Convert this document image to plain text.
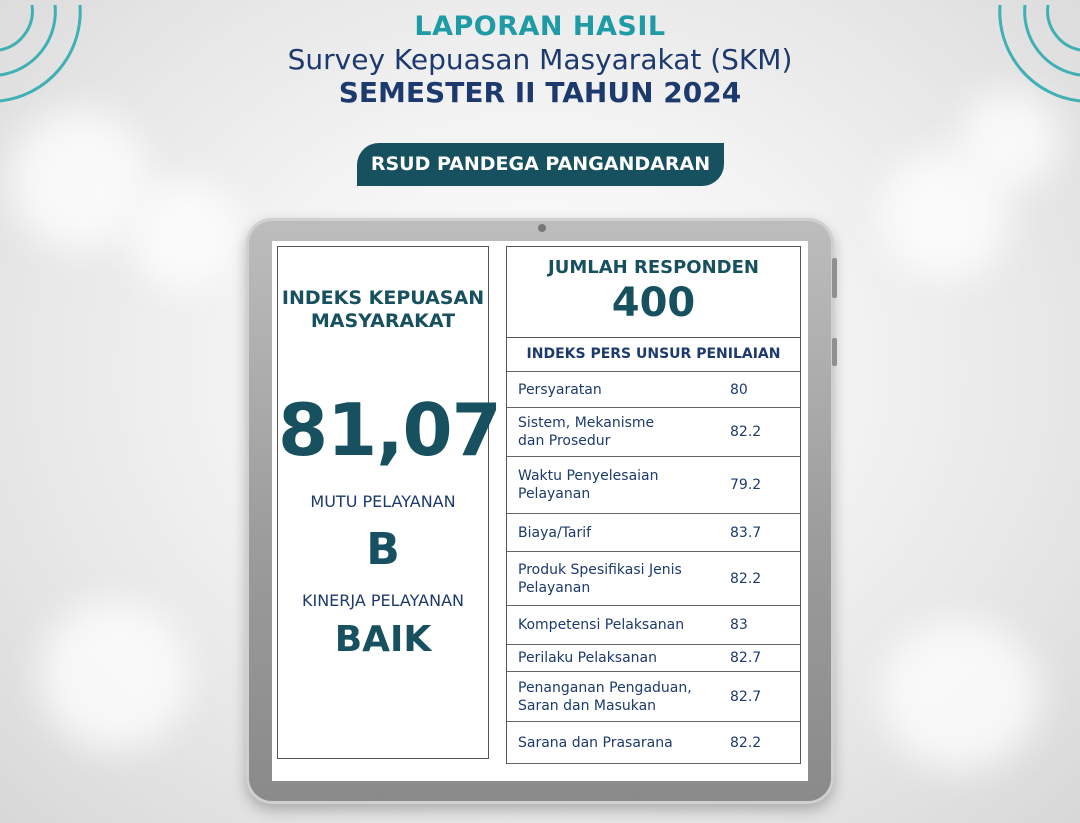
LAPORAN HASIL
Survey Kepuasan Masyarakat (SKM)
SEMESTER II TAHUN 2024
RSUD PANDEGA PANGANDARAN
INDEKS KEPUASAN
MASYARAKAT
81,07
MUTU PELAYANAN
B
KINERJA PELAYANAN
BAIK
JUMLAH RESPONDEN
400
INDEKS PERS UNSUR PENILAIAN
Persyaratan	80

Sistem, Mekanisme
dan Prosedur	82.2

Waktu Penyelesaian
Pelayanan	79.2

Biaya/Tarif	83.7

Produk Spesifikasi Jenis
Pelayanan	82.2

Kompetensi Pelaksanan	83

Perilaku Pelaksanan	82.7

Penanganan Pengaduan,
Saran dan Masukan	82.7

Sarana dan Prasarana	82.2
